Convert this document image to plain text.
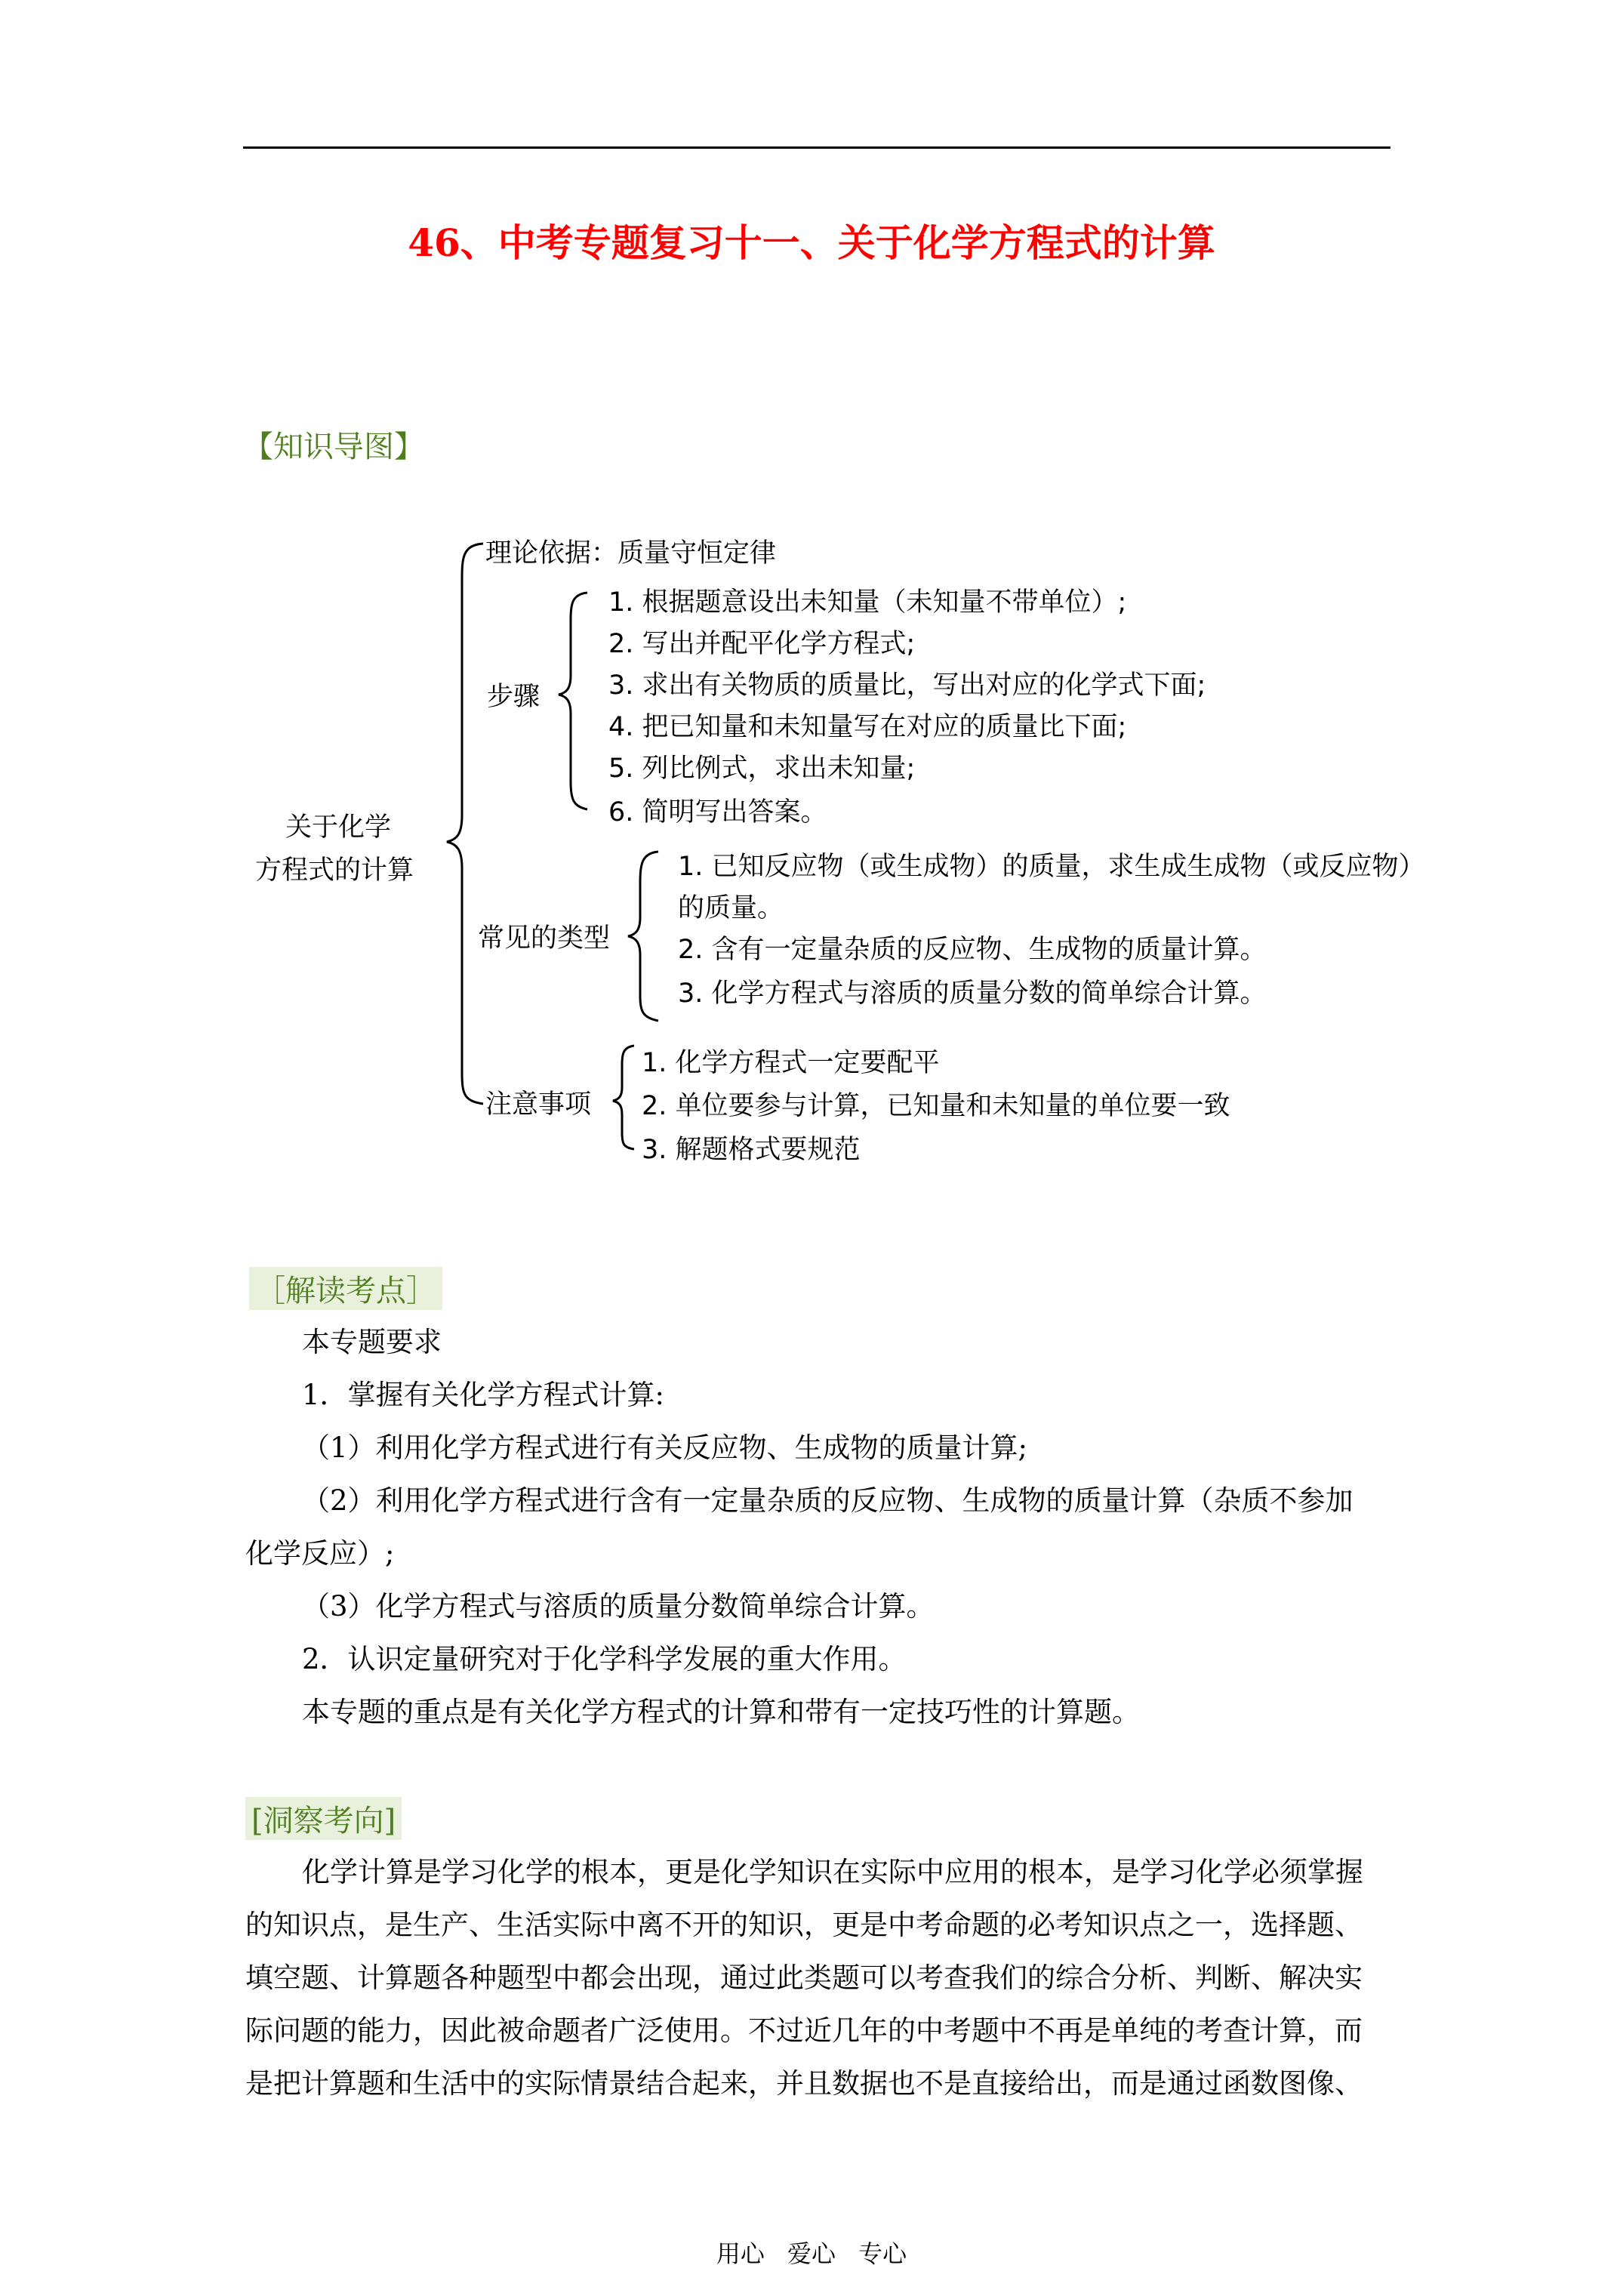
46、中考专题复习十一、关于化学方程式的计算
【知识导图】
关于化学
方程式的计算
理论依据：质量守恒定律
步骤
1. 根据题意设出未知量（未知量不带单位）;
2. 写出并配平化学方程式;
3. 求出有关物质的质量比，写出对应的化学式下面;
4. 把已知量和未知量写在对应的质量比下面;
5. 列比例式，求出未知量;
6. 简明写出答案。
常见的类型
1. 已知反应物（或生成物）的质量，求生成生成物（或反应物）
的质量。
2. 含有一定量杂质的反应物、生成物的质量计算。
3. 化学方程式与溶质的质量分数的简单综合计算。
注意事项
1. 化学方程式一定要配平
2. 单位要参与计算，已知量和未知量的单位要一致
3. 解题格式要规范
［解读考点］
本专题要求
1．掌握有关化学方程式计算:
（1）利用化学方程式进行有关反应物、生成物的质量计算;
（2）利用化学方程式进行含有一定量杂质的反应物、生成物的质量计算（杂质不参加
化学反应）;
（3）化学方程式与溶质的质量分数简单综合计算。
2．认识定量研究对于化学科学发展的重大作用。
本专题的重点是有关化学方程式的计算和带有一定技巧性的计算题。
[洞察考向]
化学计算是学习化学的根本，更是化学知识在实际中应用的根本，是学习化学必须掌握
的知识点，是生产、生活实际中离不开的知识，更是中考命题的必考知识点之一，选择题、
填空题、计算题各种题型中都会出现，通过此类题可以考查我们的综合分析、判断、解决实
际问题的能力，因此被命题者广泛使用。不过近几年的中考题中不再是单纯的考查计算，而
是把计算题和生活中的实际情景结合起来，并且数据也不是直接给出，而是通过函数图像、
用心 爱心 专心
